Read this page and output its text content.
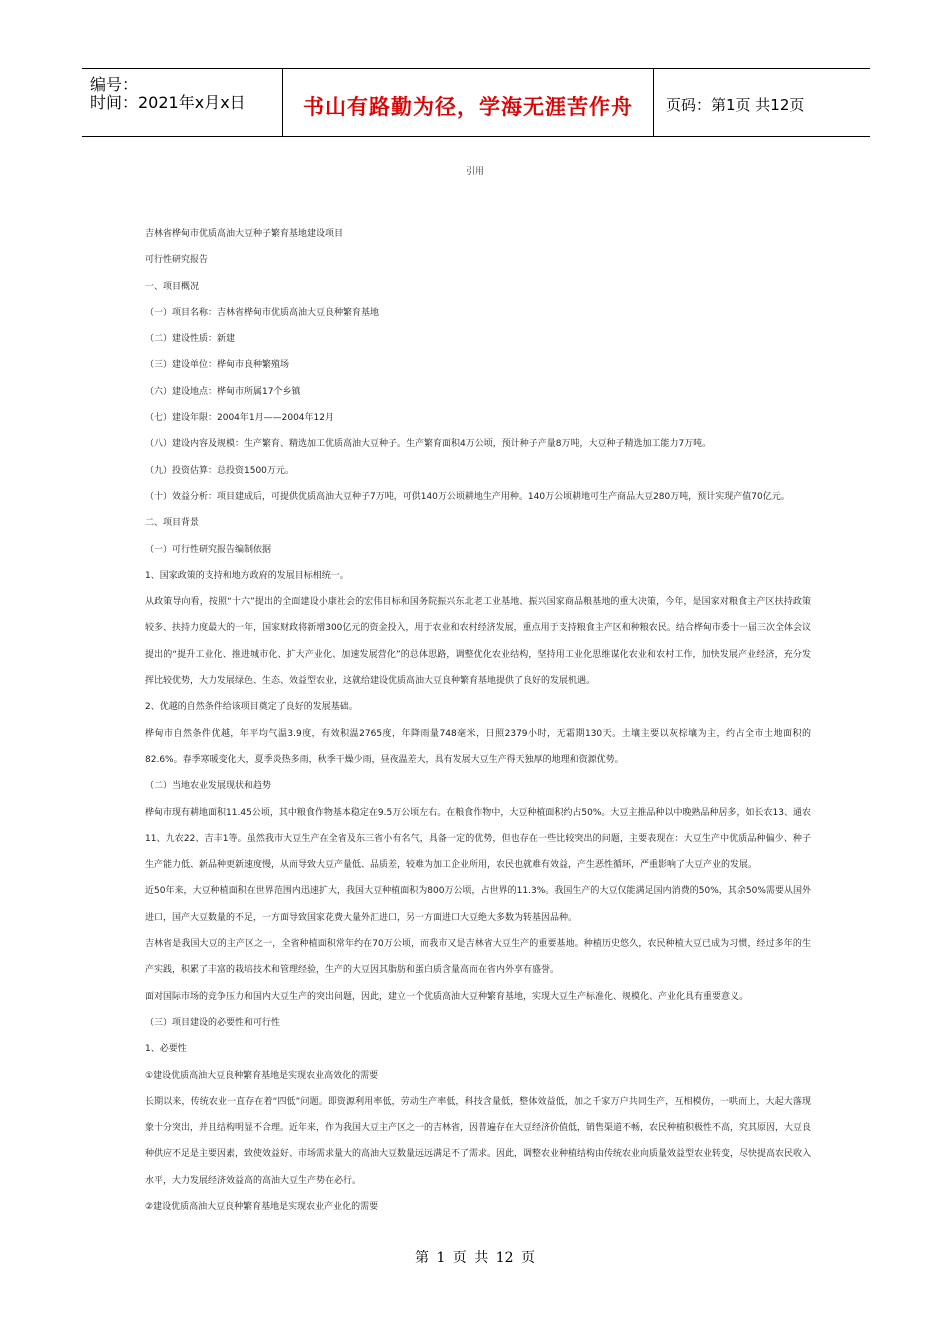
编号：
时间：2021年x月x日	书山有路勤为径，学海无涯苦作舟	页码：第1页 共12页
引用

吉林省桦甸市优质高油大豆种子繁育基地建设项目

可行性研究报告

一、项目概况

（一）项目名称：吉林省桦甸市优质高油大豆良种繁育基地

（二）建设性质：新建

（三）建设单位：桦甸市良种繁殖场

（六）建设地点：桦甸市所属17个乡镇

（七）建设年限：2004年1月——2004年12月

（八）建设内容及规模：生产繁育、精选加工优质高油大豆种子。生产繁育面积4万公顷，预计种子产量8万吨，大豆种子精选加工能力7万吨。

（九）投资估算：总投资1500万元。

（十）效益分析：项目建成后，可提供优质高油大豆种子7万吨，可供140万公顷耕地生产用种。140万公顷耕地可生产商品大豆280万吨，预计实现产值70亿元。

二、项目背景

（一）可行性研究报告编制依据

1、国家政策的支持和地方政府的发展目标相统一。

从政策导向看，按照“十六”提出的全面建设小康社会的宏伟目标和国务院振兴东北老工业基地、振兴国家商品粮基地的重大决策，今年，是国家对粮食主产区扶持政策较多、扶持力度最大的一年，国家财政将新增300亿元的资金投入，用于农业和农村经济发展，重点用于支持粮食主产区和种粮农民。结合桦甸市委十一届三次全体会议提出的“提升工业化、推进城市化、扩大产业化、加速发展营化”的总体思路，调整优化农业结构，坚持用工业化思维谋化农业和农村工作，加快发展产业经济，充分发挥比较优势，大力发展绿色、生态、效益型农业，这就给建设优质高油大豆良种繁育基地提供了良好的发展机遇。

2、优越的自然条件给该项目奠定了良好的发展基础。

桦甸市自然条件优越，年平均气温3.9度，有效积温2765度，年降雨量748毫米，日照2379小时，无霜期130天。土壤主要以灰棕壤为主，约占全市土地面积的82.6%。春季寒暖变化大，夏季炎热多雨，秋季干燥少雨，昼夜温差大，具有发展大豆生产得天独厚的地理和资源优势。

（二）当地农业发展现状和趋势

桦甸市现有耕地面积11.45公顷，其中粮食作物基本稳定在9.5万公顷左右。在粮食作物中，大豆种植面积约占50%。大豆主推品种以中晚熟品种居多，如长农13、通农11、九农22、吉丰1等。虽然我市大豆生产在全省及东三省小有名气，具备一定的优势，但也存在一些比较突出的问题，主要表现在：大豆生产中优质品种偏少、种子生产能力低、新品种更新速度慢，从而导致大豆产量低、品质差，较难为加工企业所用，农民也就难有效益，产生恶性循环，严重影响了大豆产业的发展。

近50年来，大豆种植面积在世界范围内迅速扩大，我国大豆种植面积为800万公顷，占世界的11.3%。我国生产的大豆仅能满足国内消费的50%，其余50%需要从国外进口，国产大豆数量的不足，一方面导致国家花费大量外汇进口，另一方面进口大豆绝大多数为转基因品种。

吉林省是我国大豆的主产区之一，全省种植面积常年约在70万公顷，而我市又是吉林省大豆生产的重要基地。种植历史悠久，农民种植大豆已成为习惯，经过多年的生产实践，积累了丰富的栽培技术和管理经验，生产的大豆因其脂肪和蛋白质含量高而在省内外享有盛誉。

面对国际市场的竞争压力和国内大豆生产的突出问题，因此，建立一个优质高油大豆种繁育基地，实现大豆生产标准化、规模化、产业化具有重要意义。

（三）项目建设的必要性和可行性

1、必要性

①建设优质高油大豆良种繁育基地是实现农业高效化的需要

长期以来，传统农业一直存在着“四低”问题。即资源利用率低，劳动生产率低，科技含量低，整体效益低，加之千家万户共同生产，互相模仿，一哄而上，大起大落现象十分突出，并且结构明显不合理。近年来，作为我国大豆主产区之一的吉林省，因普遍存在大豆经济价值低，销售渠道不畅，农民种植积极性不高，究其原因，大豆良种供应不足是主要因素，致使效益好、市场需求量大的高油大豆数量远远满足不了需求。因此，调整农业种植结构由传统农业向质量效益型农业转变，尽快提高农民收入水平，大力发展经济效益高的高油大豆生产势在必行。

②建设优质高油大豆良种繁育基地是实现农业产业化的需要

第 1 页 共 12 页
